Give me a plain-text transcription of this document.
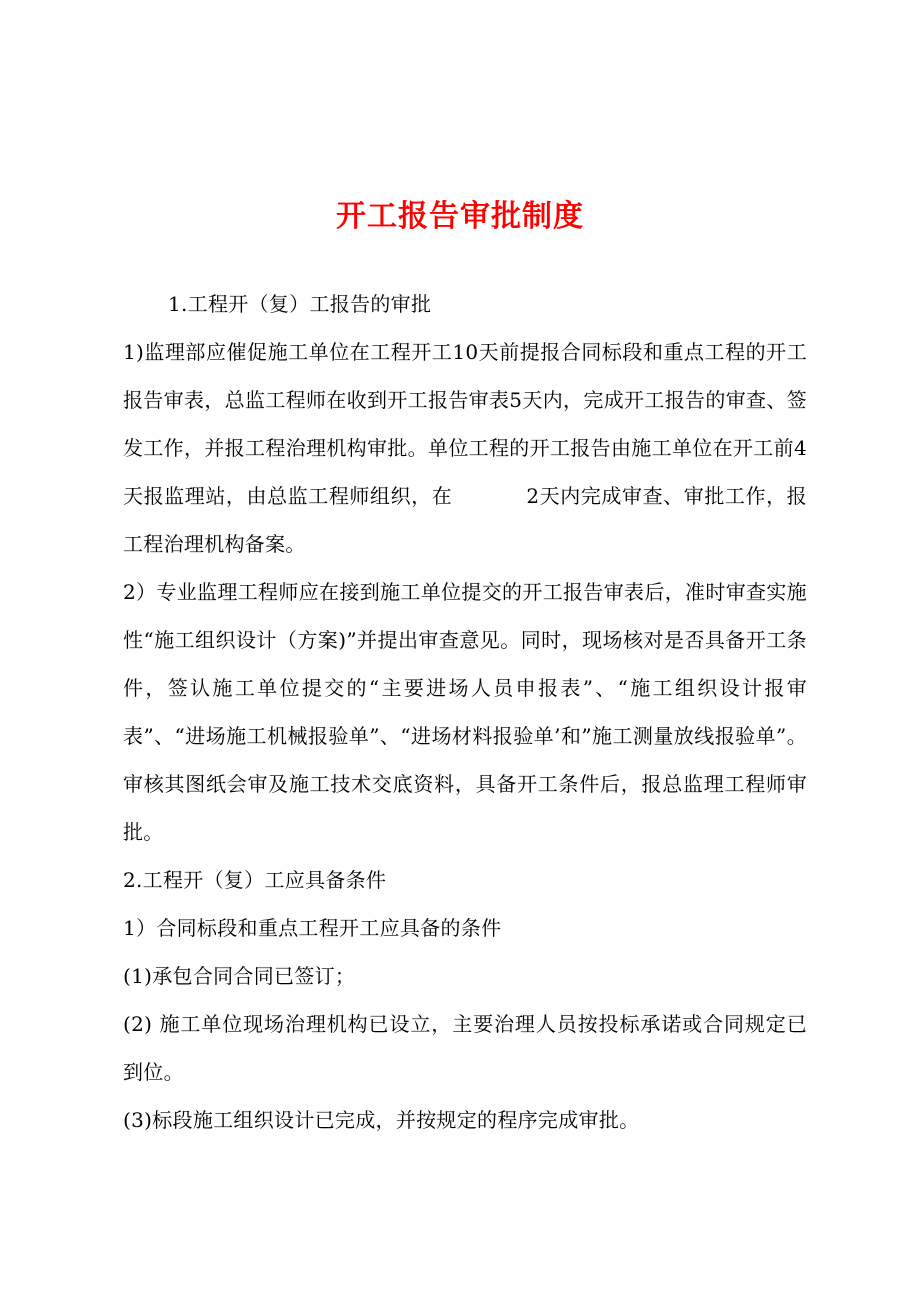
开工报告审批制度

1.工程开（复）工报告的审批

1)监理部应催促施工单位在工程开工10天前提报合同标段和重点工程的开工报告审表，总监工程师在收到开工报告审表5天内，完成开工报告的审查、签发工作，并报工程治理机构审批。单位工程的开工报告由施工单位在开工前4天报监理站，由总监工程师组织，在	2天内完成审查、审批工作，报工程治理机构备案。

2）专业监理工程师应在接到施工单位提交的开工报告审表后，准时审查实施性“施工组织设计（方案)”并提出审查意见。同时，现场核对是否具备开工条件，签认施工单位提交的“主要进场人员申报表”、“施工组织设计报审表”、“进场施工机械报验单”、“进场材料报验单’和”施工测量放线报验单”。审核其图纸会审及施工技术交底资料，具备开工条件后，报总监理工程师审批。

2.工程开（复）工应具备条件

1）合同标段和重点工程开工应具备的条件

(1)承包合同合同已签订；

(2) 施工单位现场治理机构已设立，主要治理人员按投标承诺或合同规定已到位。

(3)标段施工组织设计已完成，并按规定的程序完成审批。
